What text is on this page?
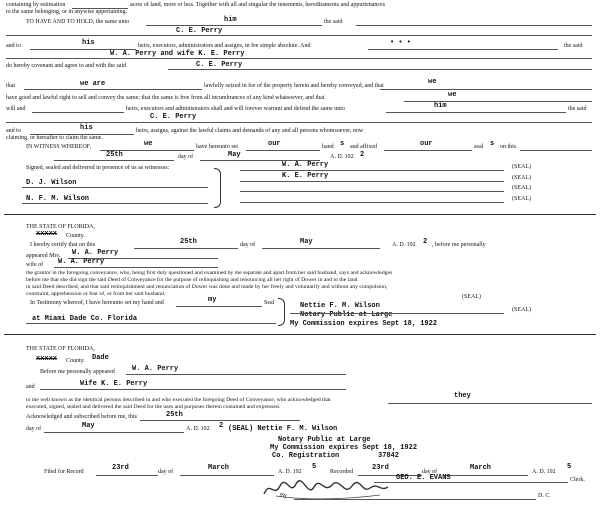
containing by estimation	acres of land, more or less. Together with all and singular the tenements, hereditaments and appurtenances
to the same belonging, or in anywise appertaining.
TO HAVE AND TO HOLD, the same unto	him	the said
C. E. Perry
and to	his	heirs, executors, administrators and assigns, in fee simple absolute. And	• • •	the said
W. A. Perry and wife K. E. Perry
do hereby covenant and agree to and with the said	C. E. Perry
that	we are	lawfully seized in fee of the property herein and hereby conveyed, and that	we
have good and lawful right to sell and convey the same; that the same is free from all incumbrances of any kind whatsoever, and that	we
will and	heirs, executors and administrators shall and will forever warrant and defend the same unto	him	the said
C. E. Perry
and to	his	heirs, assigns, against the lawful claims and demands of any and all persons whomsoever, now
claiming, or hereafter to claim the same.
IN WITNESS WHEREOF,	we	have hereunto set	our	hand s and affixed	our	seal s on this
25th	day of	May	A. D. 192 2
Signed, sealed and delivered in presence of us as witnesses:
D. J. Wilson
N. F. M. Wilson
W. A. Perry	(SEAL)
K. E. Perry	(SEAL)
(SEAL)
(SEAL)
THE STATE OF FLORIDA,
xxxxx County.
I hereby certify that on this	25th	day of	May	A. D. 192 2 , before me personally
appeared Mrs. W. A. Perry
wife of W. A. Perry
the grantor in the foregoing conveyance, who, being first duly questioned and examined by me separate and apart from her said husband, says and acknowledges
before me that she did sign the said Deed of Conveyance for the purpose of relinquishing and renouncing all her right of Dower in and to the land
in said Deed described, and that said relinquishment and renunciation of Dower was done and made by her freely and voluntarily and without any compulsion,
constraint, apprehension or fear of, or from her said husband.
In Testimony whereof, I have hereunto set my hand and	my	Seal
at Miami Dade Co. Florida
(SEAL)
Nettie F. M. Wilson
Notary Public at Large
(SEAL)
My Commission expires Sept 18, 1922
THE STATE OF FLORIDA,
xxxxx County. Dade
Before me personally appeared W. A. Perry
and	Wife K. E. Perry
to me well known as the identical persons described in and who executed the foregoing Deed of Conveyance, who acknowledged that	they
executed, signed, sealed and delivered the said Deed for the uses and purposes therein contained and expressed.
Acknowledged and subscribed before me, this	25th
day of	May	A. D. 192 2 (SEAL) Nettie F. M. Wilson
Notary Public at Large
My Commission expires Sept 18, 1922
Co. Registration	37842
Filed for Record	23rd	day of	March	A. D. 192
5
Recorded	23rd	day of	March	A. D. 192
5
GEO. E. EVANS	Clerk.
By	D. C.
